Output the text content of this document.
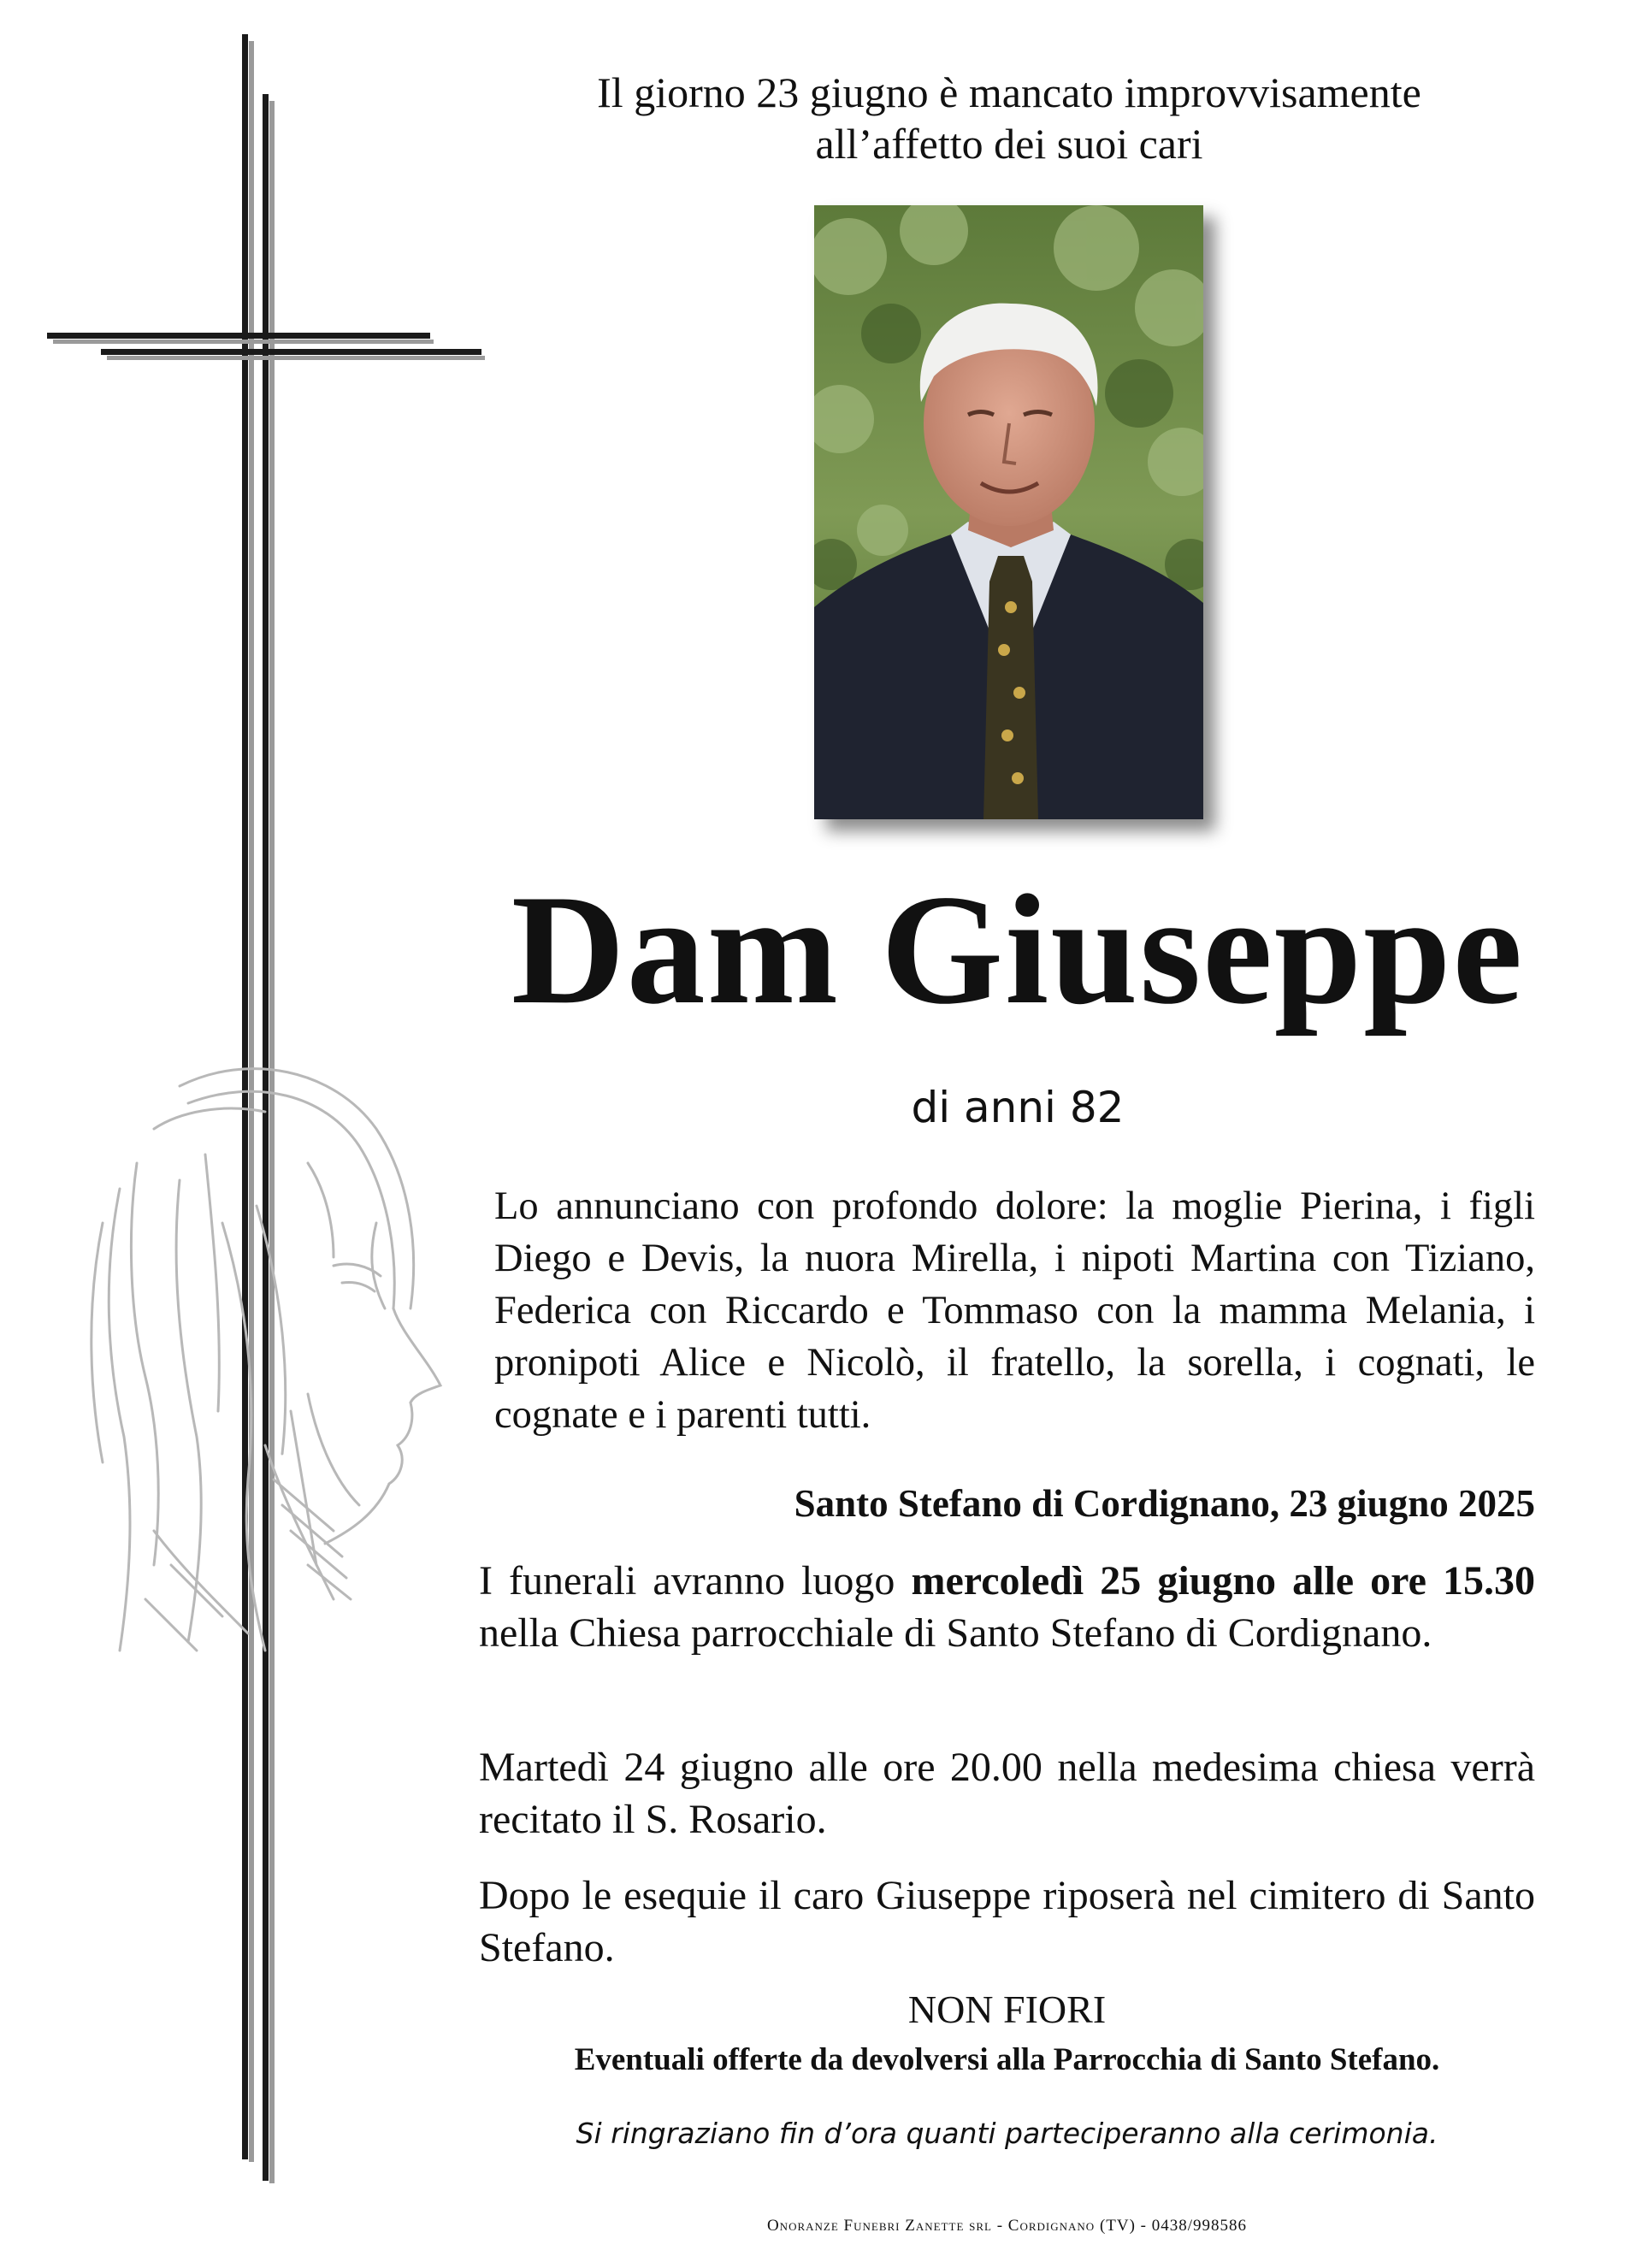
Il giorno 23 giugno è mancato improvvisamente
all’affetto dei suoi cari
Dam Giuseppe
di anni 82
Lo annunciano con profondo dolore: la moglie Pierina, i figli Diego e Devis, la nuora Mirella, i nipoti Martina con Tiziano, Federica con Riccardo e Tommaso con la mamma Melania, i pronipoti Alice e Nicolò, il fratello, la sorella, i cognati, le cognate e i parenti tutti.
Santo Stefano di Cordignano, 23 giugno 2025
I funerali avranno luogo mercoledì 25 giugno alle ore 15.30 nella Chiesa parrocchiale di Santo Stefano di Cordignano.
Martedì 24 giugno alle ore 20.00 nella medesima chiesa verrà recitato il S. Rosario.
Dopo le esequie il caro Giuseppe riposerà nel cimitero di Santo Stefano.
NON FIORI
Eventuali offerte da devolversi alla Parrocchia di Santo Stefano.
Si ringraziano fin d’ora quanti parteciperanno alla cerimonia.
Onoranze Funebri Zanette srl - Cordignano (TV) - 0438/998586
